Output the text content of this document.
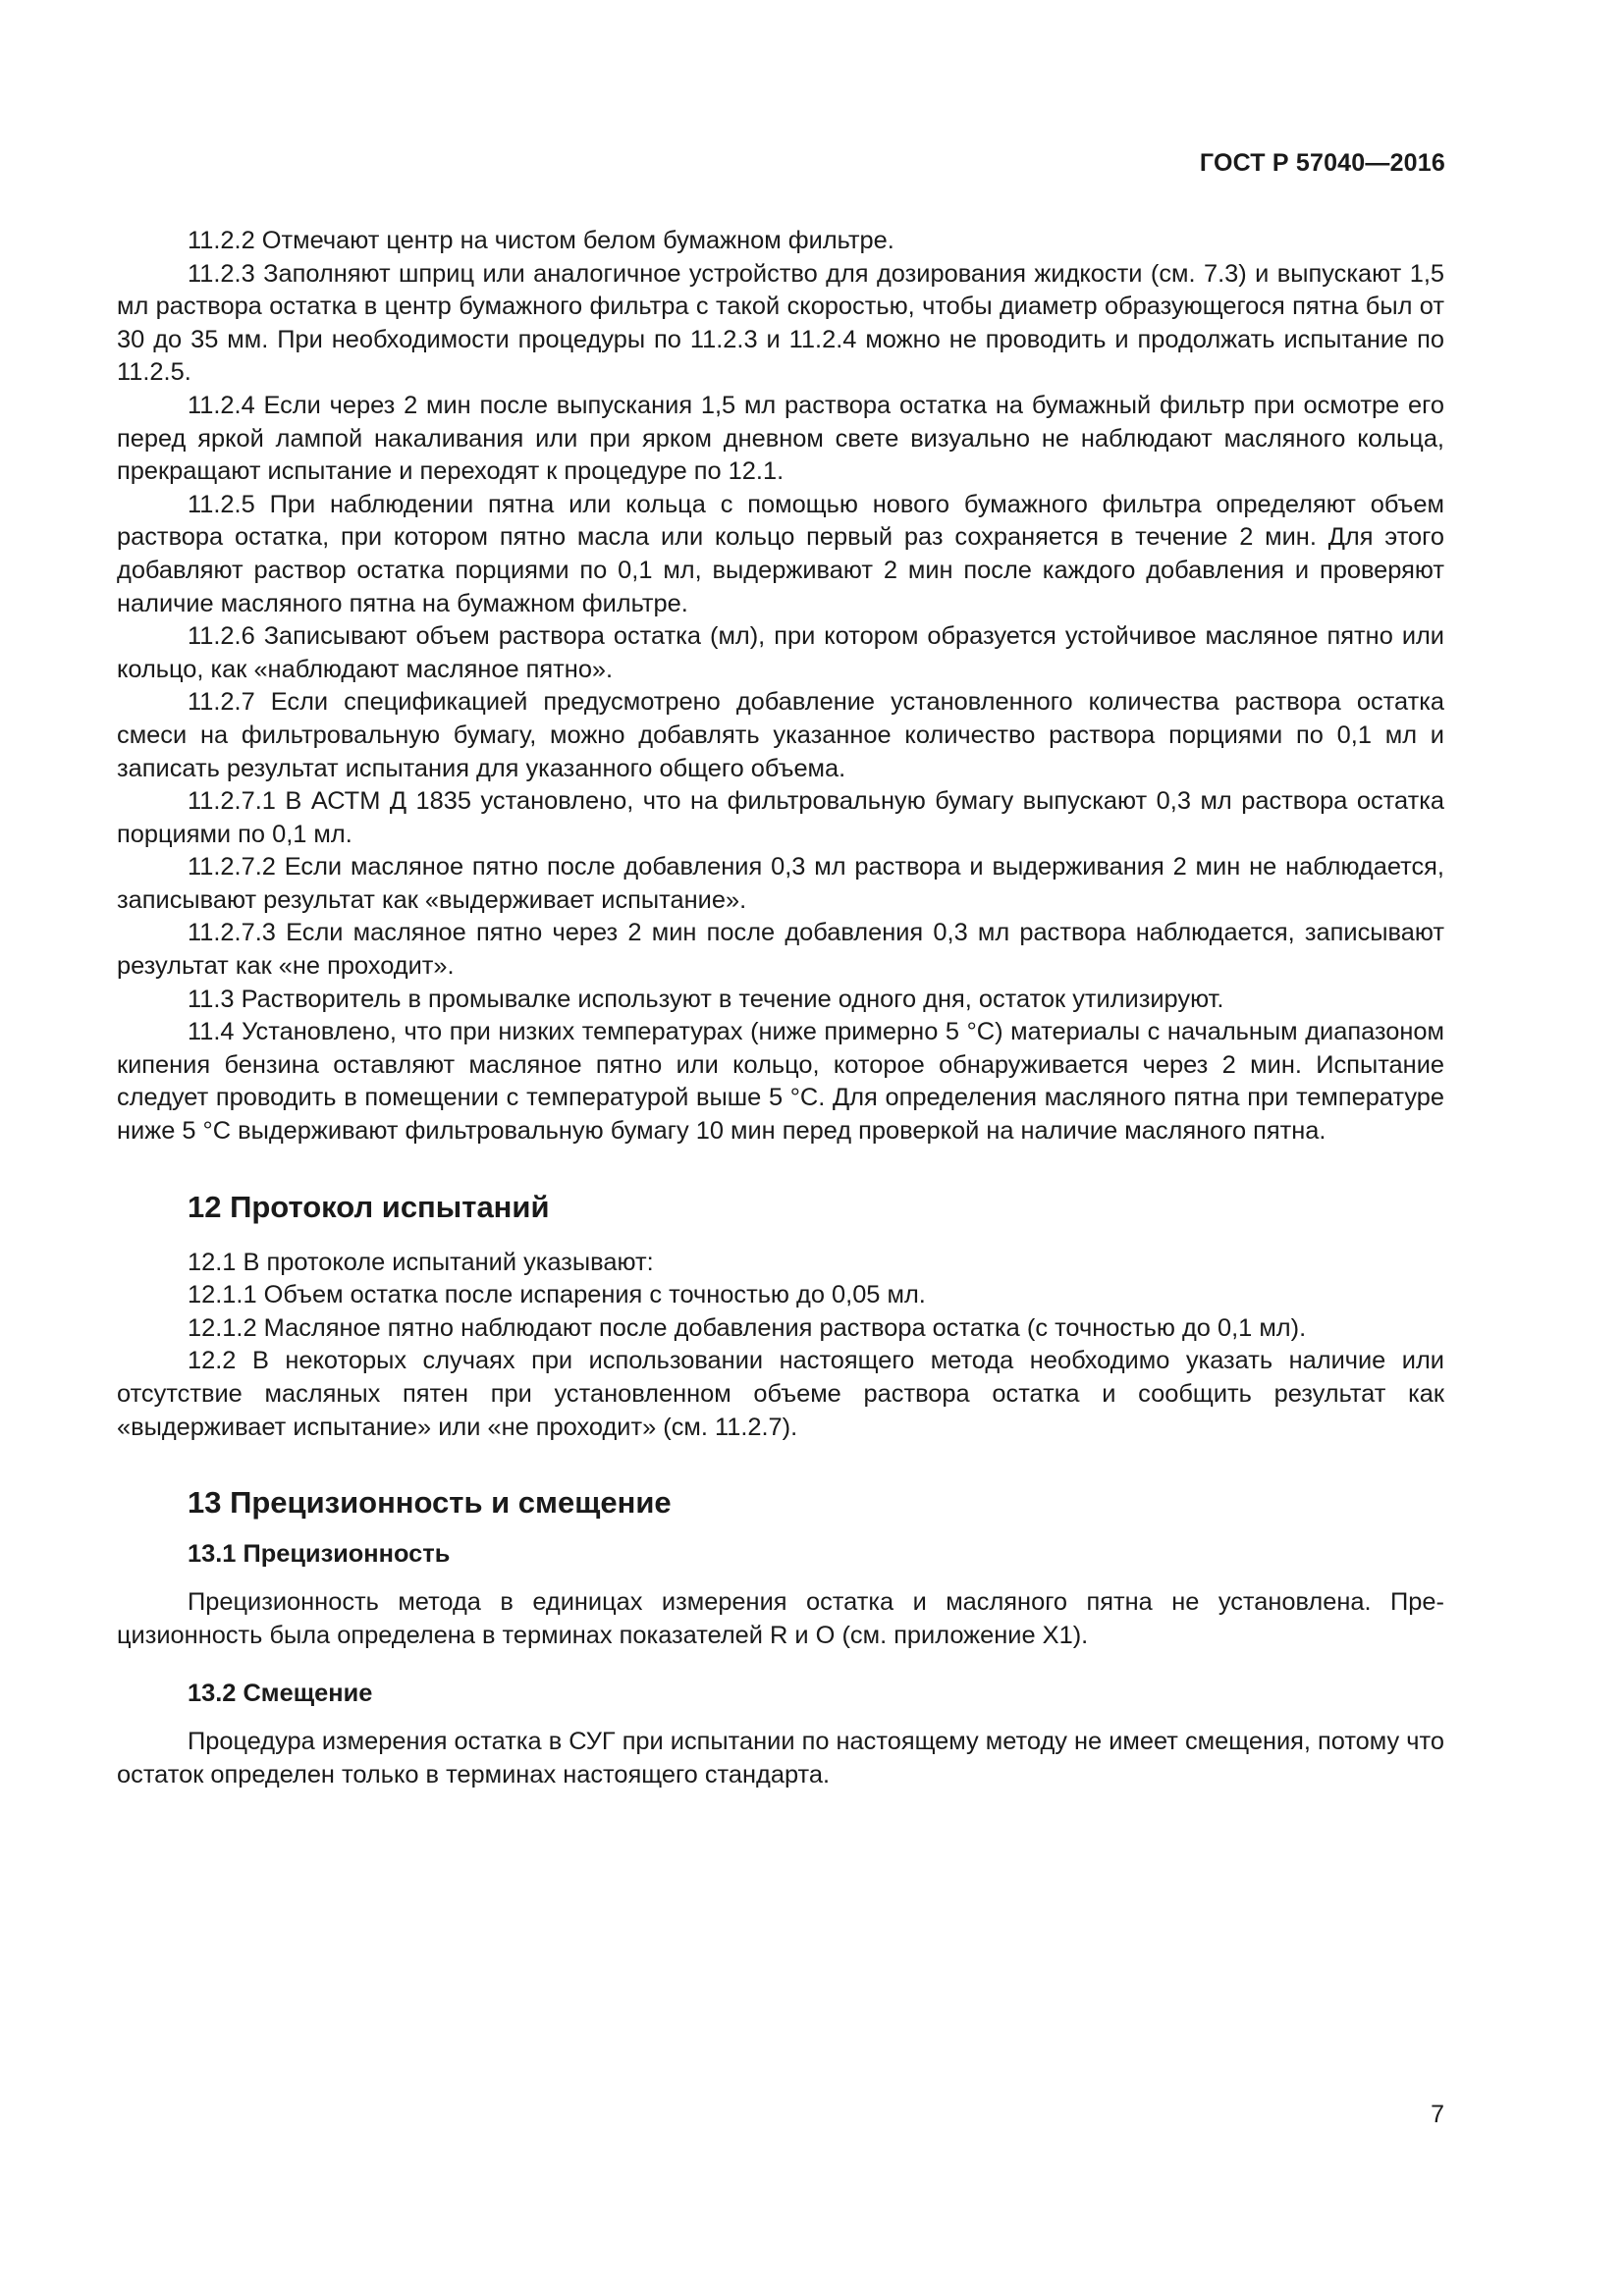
ГОСТ Р 57040—2016

11.2.2 Отмечают центр на чистом белом бумажном фильтре.

11.2.3 Заполняют шприц или аналогичное устройство для дозирования жидкости (см. 7.3) и выпускают 1,5 мл раствора остатка в центр бумажного фильтра с такой скоростью, чтобы диаметр образующегося пятна был от 30 до 35 мм. При необходимости процедуры по 11.2.3 и 11.2.4 можно не проводить и продолжать испытание по 11.2.5.

11.2.4 Если через 2 мин после выпускания 1,5 мл раствора остатка на бумажный фильтр при осмотре его перед яркой лампой накаливания или при ярком дневном свете визуально не наблюдают масляного кольца, прекращают испытание и переходят к процедуре по 12.1.

11.2.5 При наблюдении пятна или кольца с помощью нового бумажного фильтра определяют объем раствора остатка, при котором пятно масла или кольцо первый раз сохраняется в течение 2 мин. Для этого добавляют раствор остатка порциями по 0,1 мл, выдерживают 2 мин после каждого добавления и проверяют наличие масляного пятна на бумажном фильтре.

11.2.6 Записывают объем раствора остатка (мл), при котором образуется устойчивое масляное пятно или кольцо, как «наблюдают масляное пятно».

11.2.7 Если спецификацией предусмотрено добавление установленного количества раствора остатка смеси на фильтровальную бумагу, можно добавлять указанное количество раствора порциями по 0,1 мл и записать результат испытания для указанного общего объема.

11.2.7.1 В АСТМ Д 1835 установлено, что на фильтровальную бумагу выпускают 0,3 мл раствора остатка порциями по 0,1 мл.

11.2.7.2 Если масляное пятно после добавления 0,3 мл раствора и выдерживания 2 мин не наблюдается, записывают результат как «выдерживает испытание».

11.2.7.3 Если масляное пятно через 2 мин после добавления 0,3 мл раствора наблюдается, записывают результат как «не проходит».

11.3 Растворитель в промывалке используют в течение одного дня, остаток утилизируют.

11.4 Установлено, что при низких температурах (ниже примерно 5 °С) материалы с начальным диапазоном кипения бензина оставляют масляное пятно или кольцо, которое обнаруживается через 2 мин. Испытание следует проводить в помещении с температурой выше 5 °С. Для определения масляного пятна при температуре ниже 5 °С выдерживают фильтровальную бумагу 10 мин перед проверкой на наличие масляного пятна.

12 Протокол испытаний

12.1 В протоколе испытаний указывают:

12.1.1 Объем остатка после испарения с точностью до 0,05 мл.

12.1.2 Масляное пятно наблюдают после добавления раствора остатка (с точностью до 0,1 мл).

12.2 В некоторых случаях при использовании настоящего метода необходимо указать наличие или отсутствие масляных пятен при установленном объеме раствора остатка и сообщить результат как «выдерживает испытание» или «не проходит» (см. 11.2.7).

13 Прецизионность и смещение
13.1 Прецизионность

Прецизионность метода в единицах измерения остатка и масляного пятна не установлена. Прецизионность была определена в терминах показателей R и О (см. приложение Х1).

13.2 Смещение

Процедура измерения остатка в СУГ при испытании по настоящему методу не имеет смещения, потому что остаток определен только в терминах настоящего стандарта.

7
